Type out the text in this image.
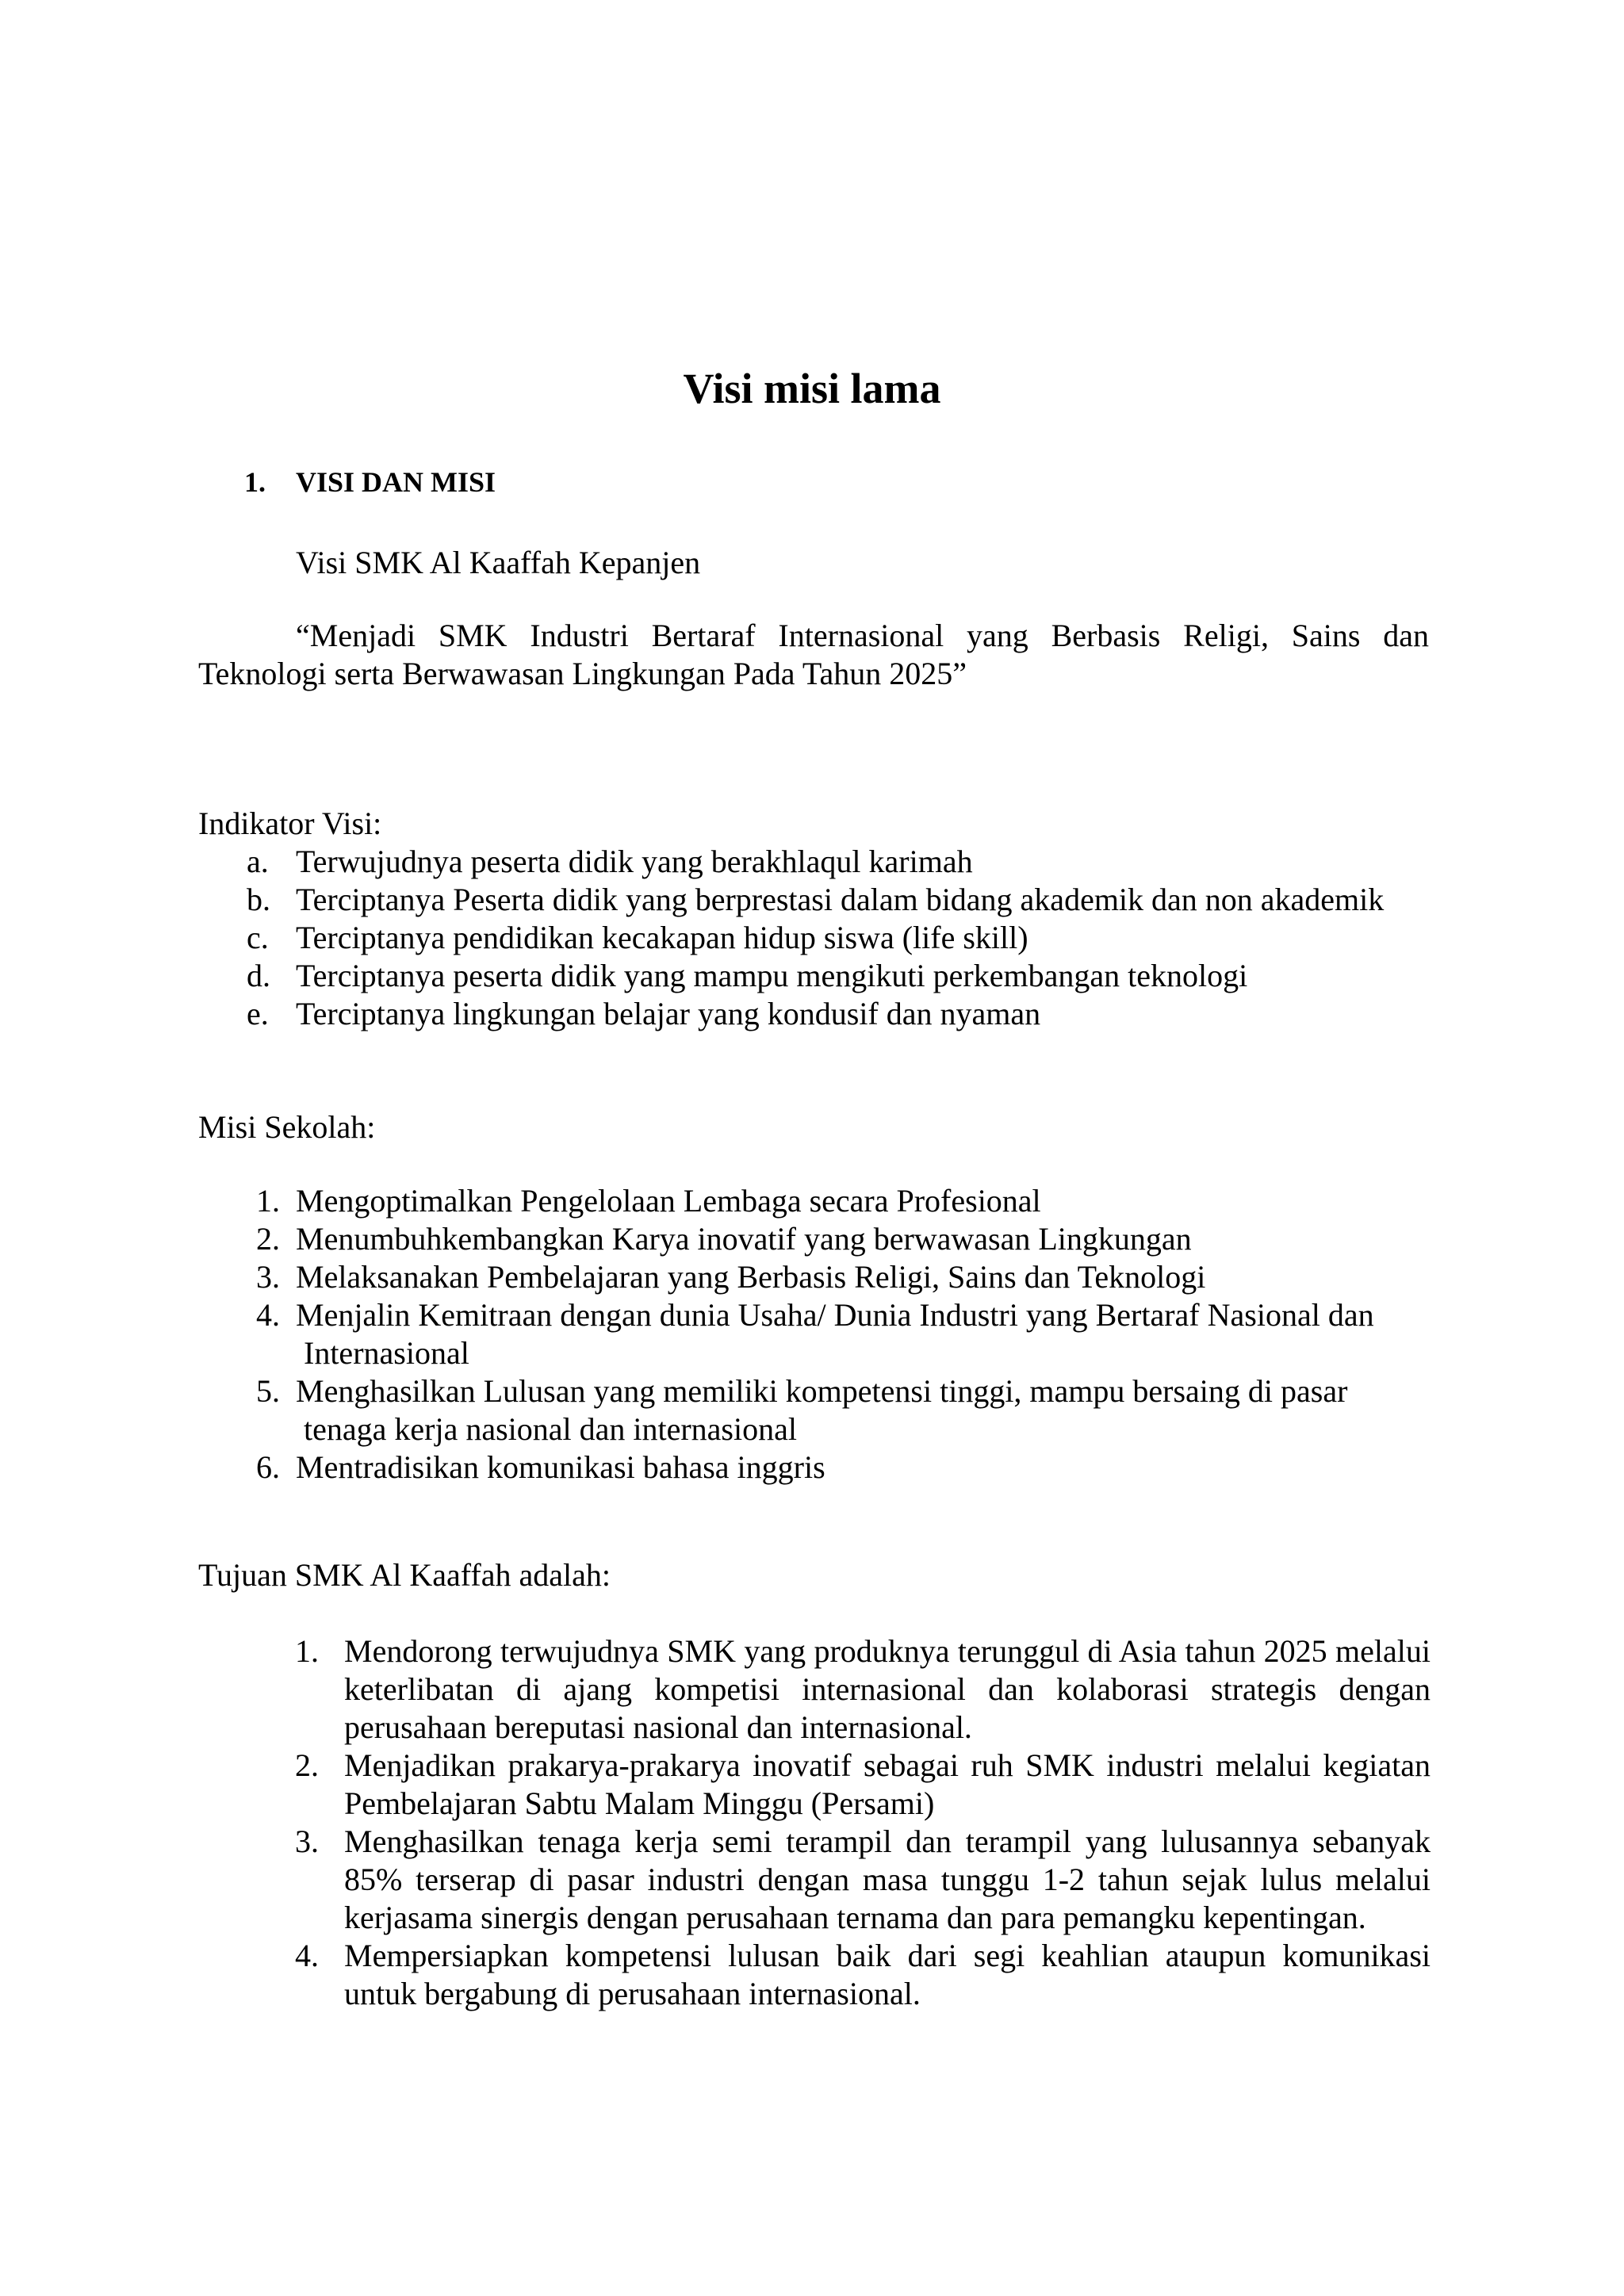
Visi misi lama
1. VISI DAN MISI
Visi SMK Al Kaaffah Kepanjen

“Menjadi SMK Industri Bertaraf Internasional yang Berbasis Religi, Sains dan Teknologi serta Berwawasan Lingkungan Pada Tahun 2025”

Indikator Visi:
a. Terwujudnya peserta didik yang berakhlaqul karimah
b. Terciptanya Peserta didik yang berprestasi dalam bidang akademik dan non akademik
c. Terciptanya pendidikan kecakapan hidup siswa (life skill)
d. Terciptanya peserta didik yang mampu mengikuti perkembangan teknologi
e. Terciptanya lingkungan belajar yang kondusif dan nyaman
Misi Sekolah:
1. Mengoptimalkan Pengelolaan Lembaga secara Profesional
2. Menumbuhkembangkan Karya inovatif yang berwawasan Lingkungan
3. Melaksanakan Pembelajaran yang Berbasis Religi, Sains dan Teknologi
4. Menjalin Kemitraan dengan dunia Usaha/ Dunia Industri yang Bertaraf Nasional dan Internasional
5. Menghasilkan Lulusan yang memiliki kompetensi tinggi, mampu bersaing di pasar tenaga kerja nasional dan internasional
6. Mentradisikan komunikasi bahasa inggris
Tujuan SMK Al Kaaffah adalah:
1. Mendorong terwujudnya SMK yang produknya terunggul di Asia tahun 2025 melalui keterlibatan di ajang kompetisi internasional dan kolaborasi strategis dengan perusahaan bereputasi nasional dan internasional.
2. Menjadikan prakarya-prakarya inovatif sebagai ruh SMK industri melalui kegiatan Pembelajaran Sabtu Malam Minggu (Persami)
3. Menghasilkan tenaga kerja semi terampil dan terampil yang lulusannya sebanyak 85% terserap di pasar industri dengan masa tunggu 1-2 tahun sejak lulus melalui kerjasama sinergis dengan perusahaan ternama dan para pemangku kepentingan.
4. Mempersiapkan kompetensi lulusan baik dari segi keahlian ataupun komunikasi untuk bergabung di perusahaan internasional.
